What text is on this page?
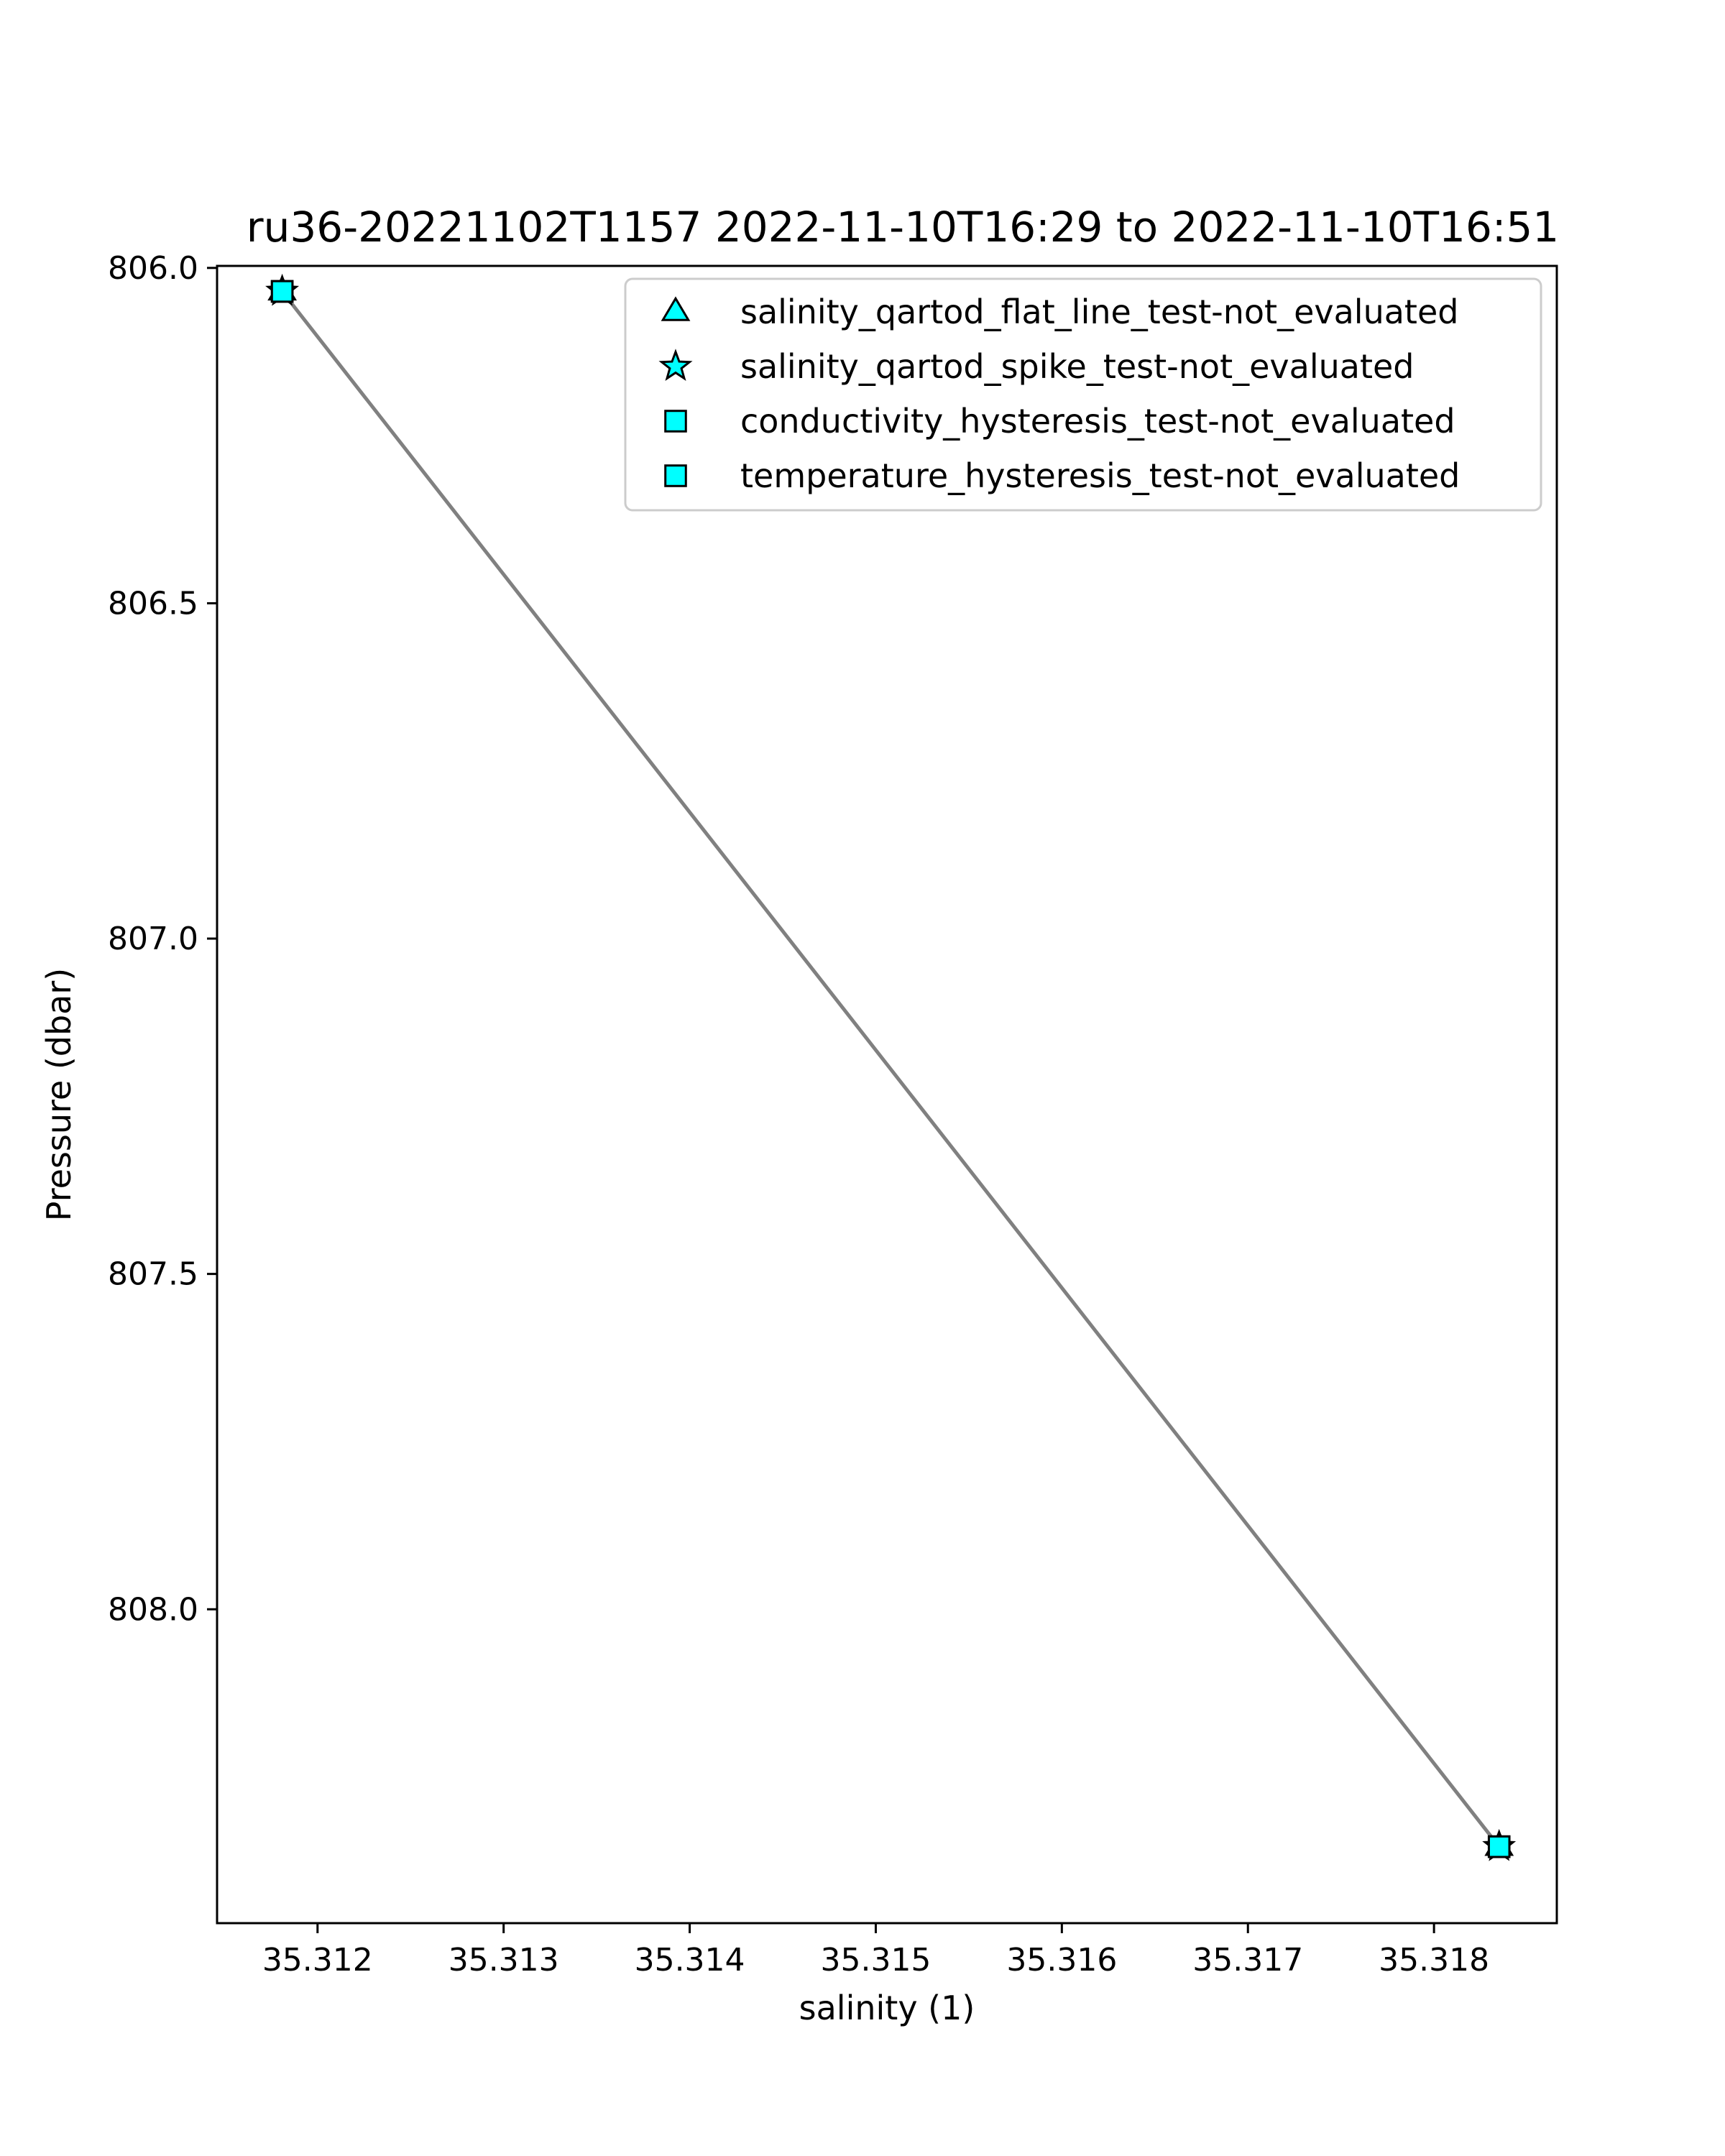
ru36-20221102T1157 2022-11-10T16:29 to 2022-11-10T16:51
35.312 35.313 35.314 35.315 35.316 35.317 35.318
806.0
806.5
807.0
807.5
808.0
salinity (1)
Pressure (dbar)
salinity_qartod_flat_line_test-not_evaluated
salinity_qartod_spike_test-not_evaluated
conductivity_hysteresis_test-not_evaluated
temperature_hysteresis_test-not_evaluated
